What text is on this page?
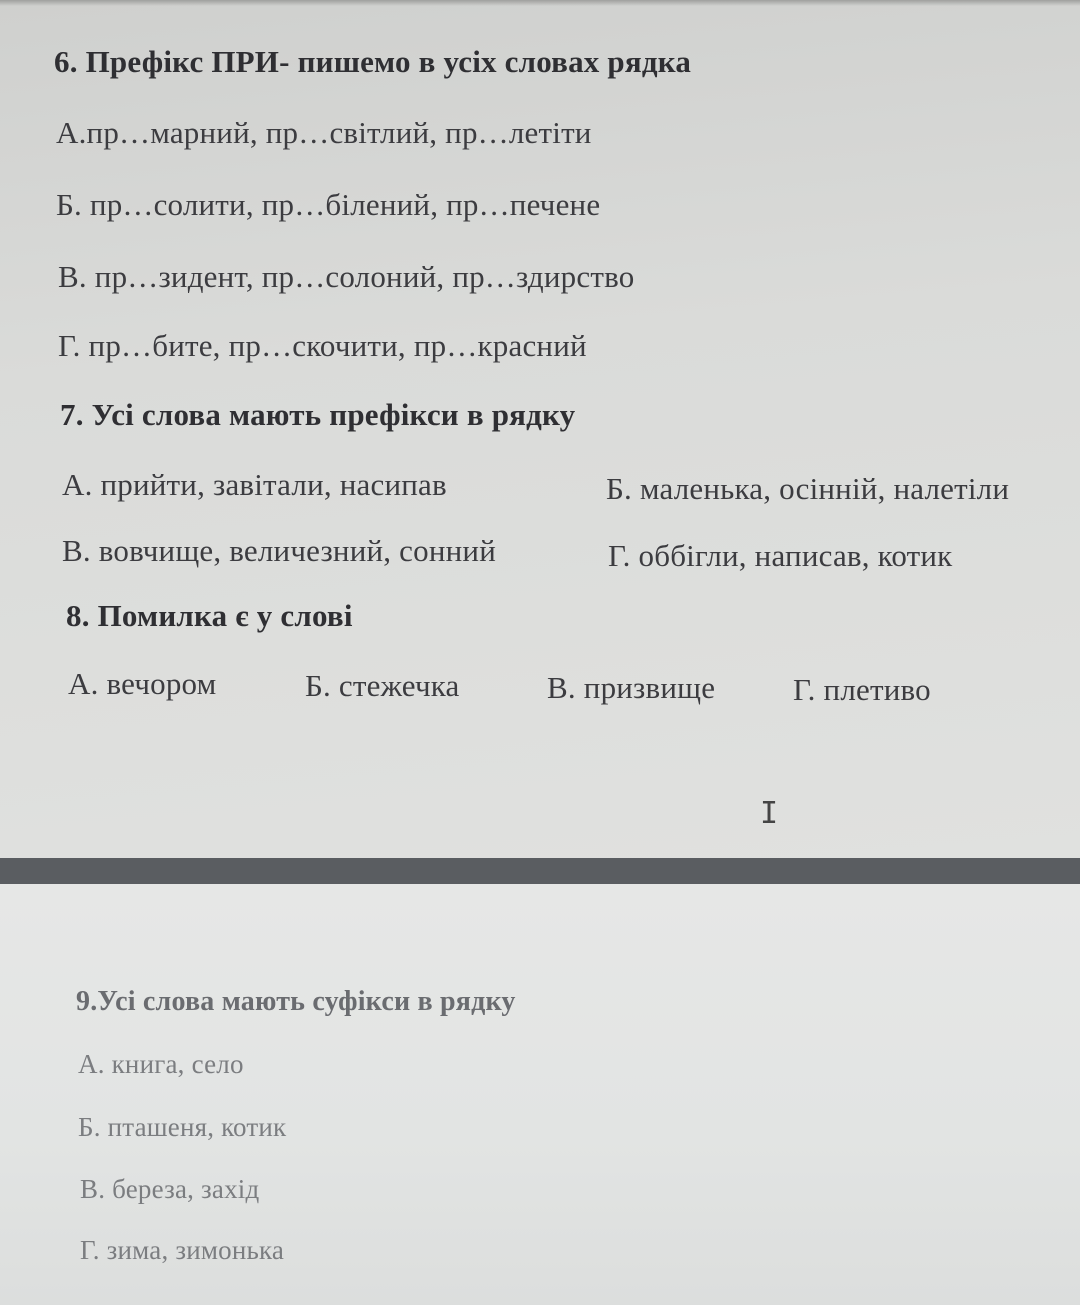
6. Префікс ПРИ- пишемо в усіх словах рядка
А.пр…марний, пр…світлий, пр…летіти
Б. пр…солити, пр…білений, пр…печене
В. пр…зидент, пр…солоний, пр…здирство
Г. пр…бите, пр…скочити, пр…красний
7. Усі слова мають префікси в рядку
А. прийти, завітали, насипав	Б. маленька, осінній, налетіли
В. вовчище, величезний, сонний	Г. оббігли, написав, котик
8. Помилка є у слові
А. вечором	Б. стежечка	В. призвище	Г. плетиво
I
9.Усі слова мають суфікси в рядку
А. книга, село
Б. пташеня, котик
В. береза, захід
Г. зима, зимонька
